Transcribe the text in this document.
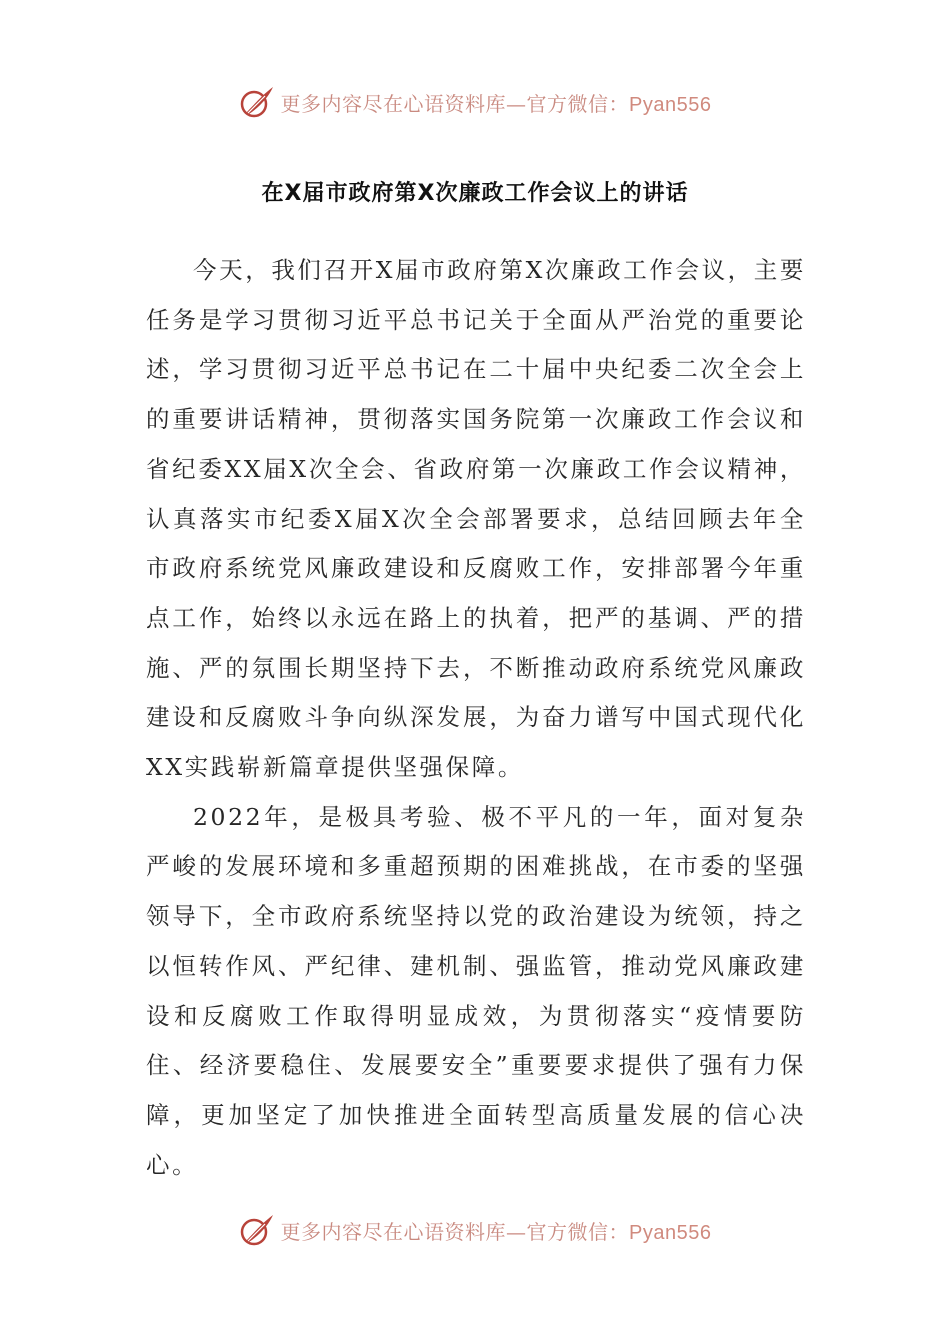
更多内容尽在心语资料库—官方微信：Pyan556
在X届市政府第X次廉政工作会议上的讲话

今天，我们召开X届市政府第X次廉政工作会议，主要任务是学习贯彻习近平总书记关于全面从严治党的重要论述，学习贯彻习近平总书记在二十届中央纪委二次全会上的重要讲话精神，贯彻落实国务院第一次廉政工作会议和省纪委XX届X次全会、省政府第一次廉政工作会议精神，认真落实市纪委X届X次全会部署要求，总结回顾去年全市政府系统党风廉政建设和反腐败工作，安排部署今年重点工作，始终以永远在路上的执着，把严的基调、严的措施、严的氛围长期坚持下去，不断推动政府系统党风廉政建设和反腐败斗争向纵深发展，为奋力谱写中国式现代化XX实践崭新篇章提供坚强保障。

2022年，是极具考验、极不平凡的一年，面对复杂严峻的发展环境和多重超预期的困难挑战，在市委的坚强领导下，全市政府系统坚持以党的政治建设为统领，持之以恒转作风、严纪律、建机制、强监管，推动党风廉政建设和反腐败工作取得明显成效，为贯彻落实“疫情要防住、经济要稳住、发展要安全”重要要求提供了强有力保障，更加坚定了加快推进全面转型高质量发展的信心决心。

更多内容尽在心语资料库—官方微信：Pyan556
